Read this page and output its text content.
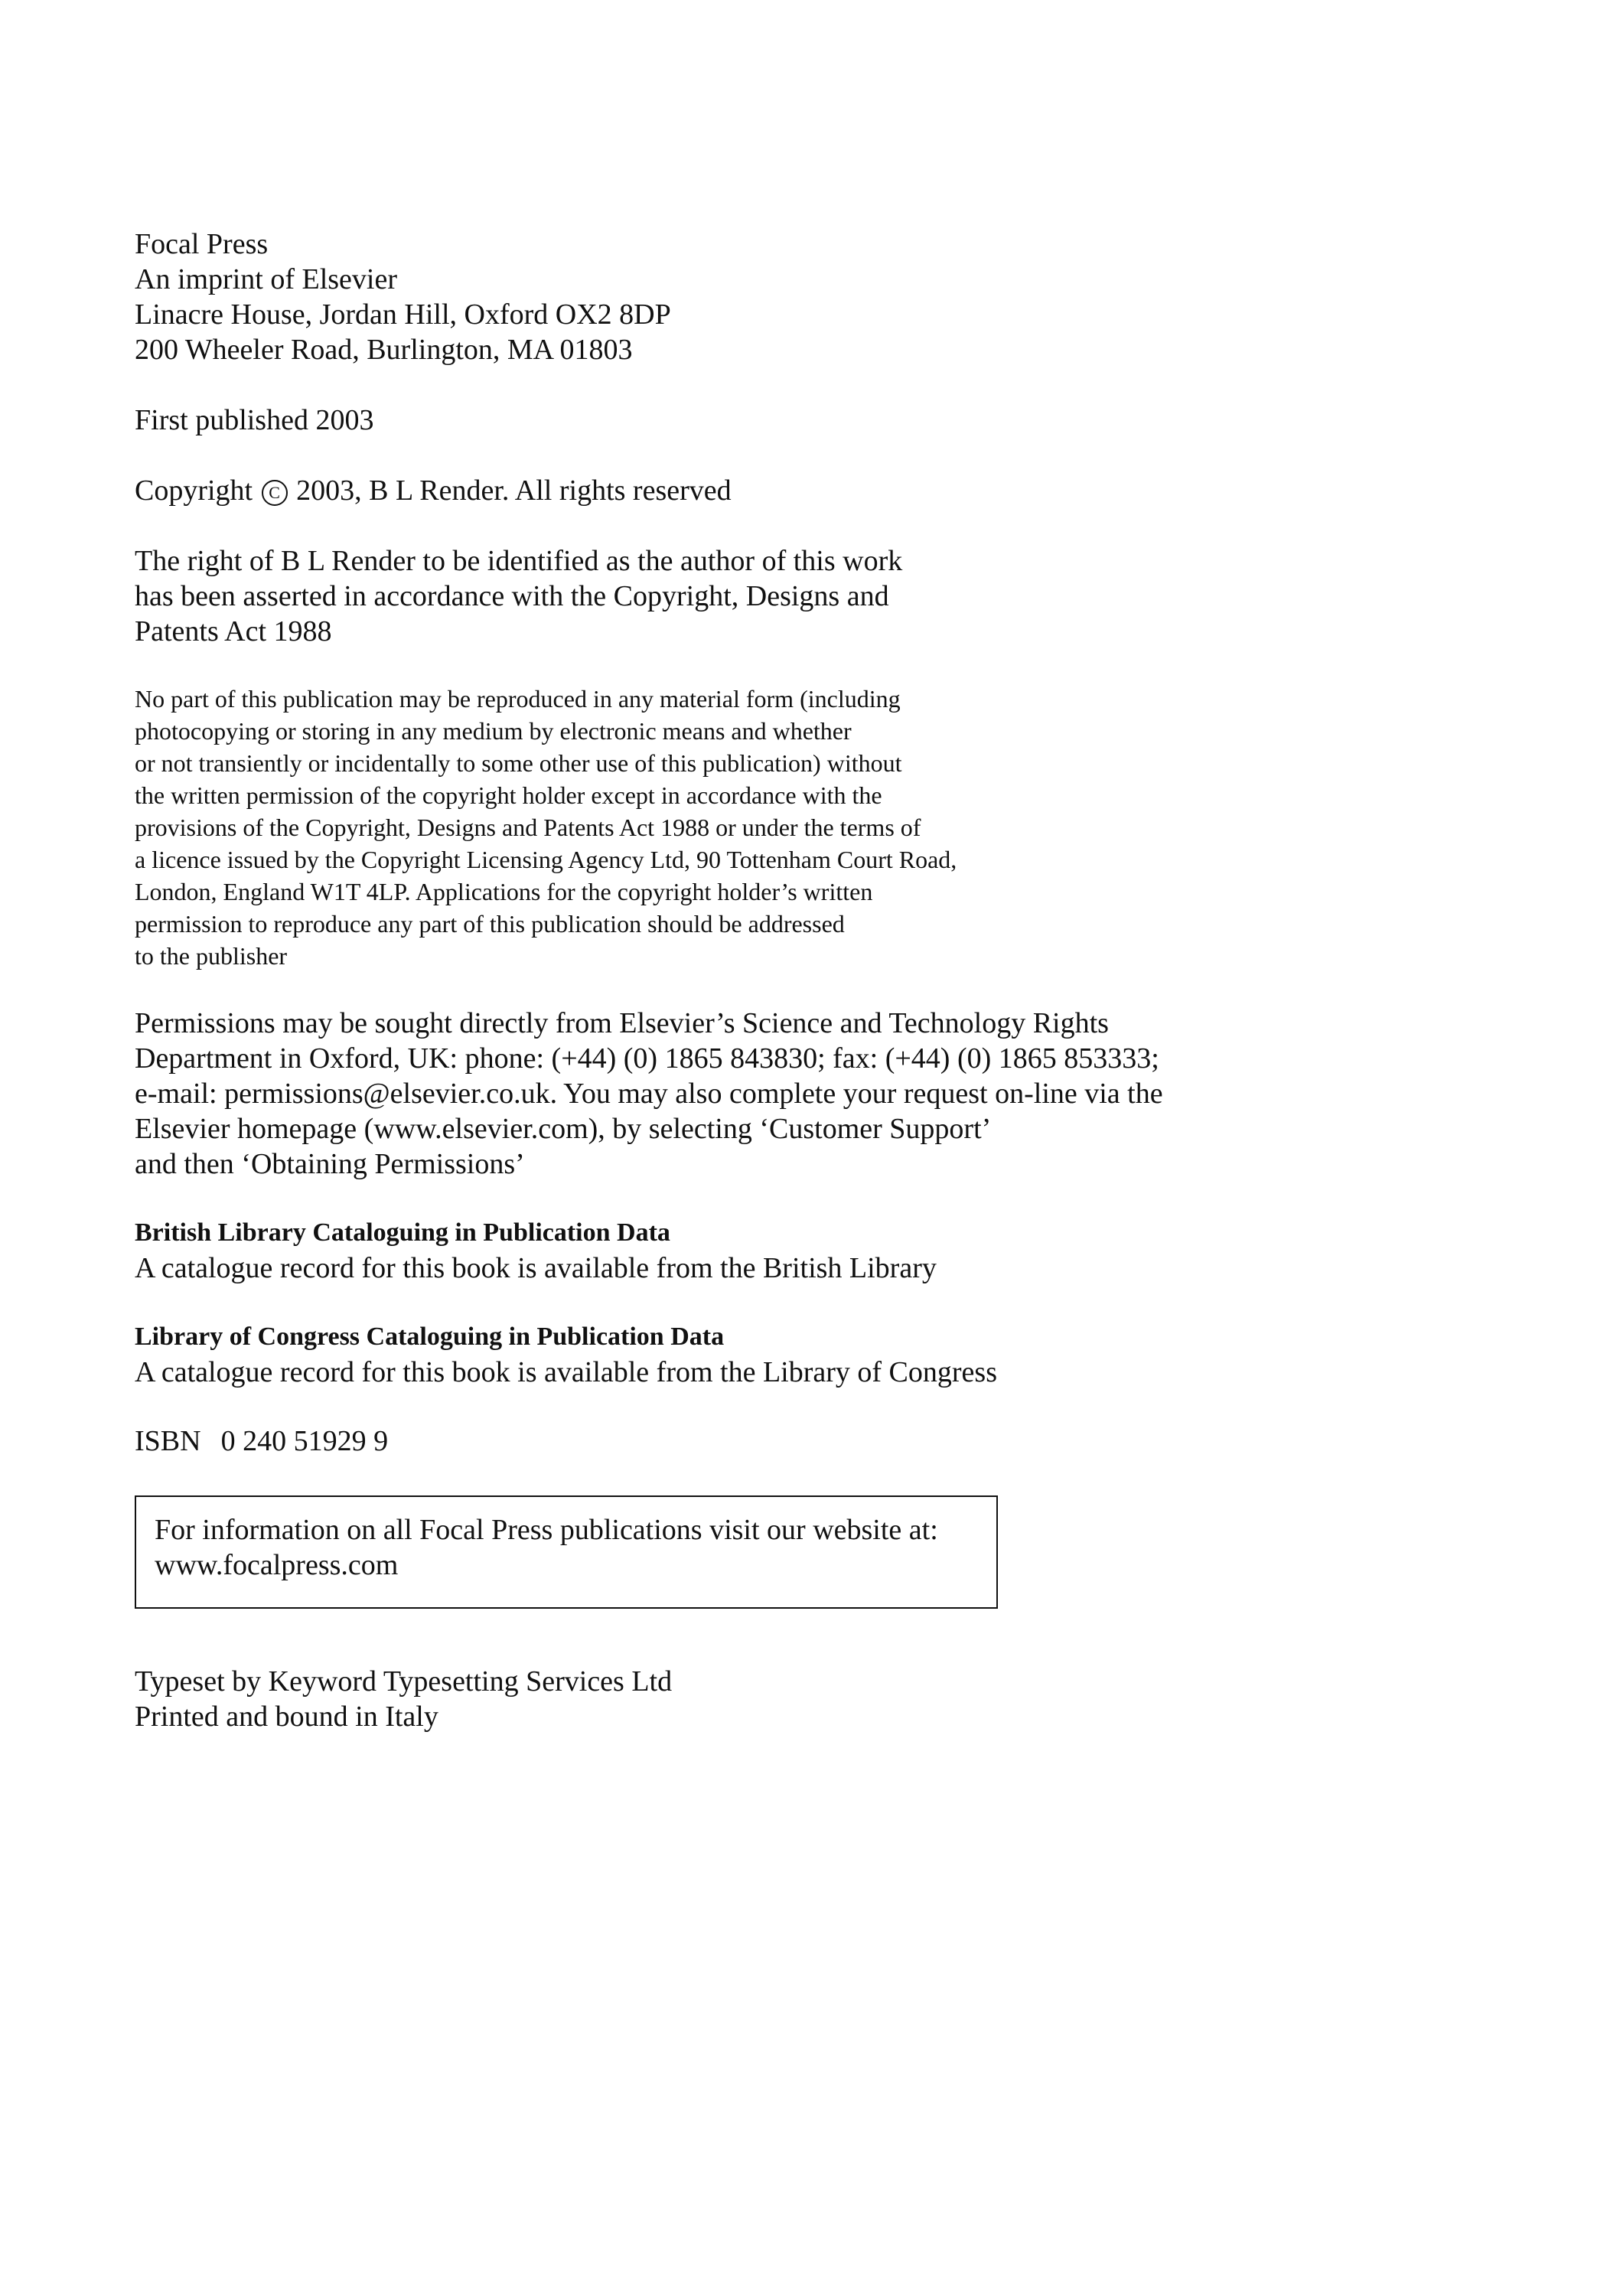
Focal Press
An imprint of Elsevier
Linacre House, Jordan Hill, Oxford OX2 8DP
200 Wheeler Road, Burlington, MA 01803
First published 2003
Copyright C 2003, B L Render. All rights reserved
The right of B L Render to be identified as the author of this work
has been asserted in accordance with the Copyright, Designs and
Patents Act 1988
No part of this publication may be reproduced in any material form (including
photocopying or storing in any medium by electronic means and whether
or not transiently or incidentally to some other use of this publication) without
the written permission of the copyright holder except in accordance with the
provisions of the Copyright, Designs and Patents Act 1988 or under the terms of
a licence issued by the Copyright Licensing Agency Ltd, 90 Tottenham Court Road,
London, England W1T 4LP. Applications for the copyright holder’s written
permission to reproduce any part of this publication should be addressed
to the publisher
Permissions may be sought directly from Elsevier’s Science and Technology Rights
Department in Oxford, UK: phone: (+44) (0) 1865 843830; fax: (+44) (0) 1865 853333;
e-mail: permissions@elsevier.co.uk. You may also complete your request on-line via the
Elsevier homepage (www.elsevier.com), by selecting ‘Customer Support’
and then ‘Obtaining Permissions’
British Library Cataloguing in Publication Data
A catalogue record for this book is available from the British Library
Library of Congress Cataloguing in Publication Data
A catalogue record for this book is available from the Library of Congress
ISBN 0 240 51929 9
For information on all Focal Press publications visit our website at:
www.focalpress.com
Typeset by Keyword Typesetting Services Ltd
Printed and bound in Italy
